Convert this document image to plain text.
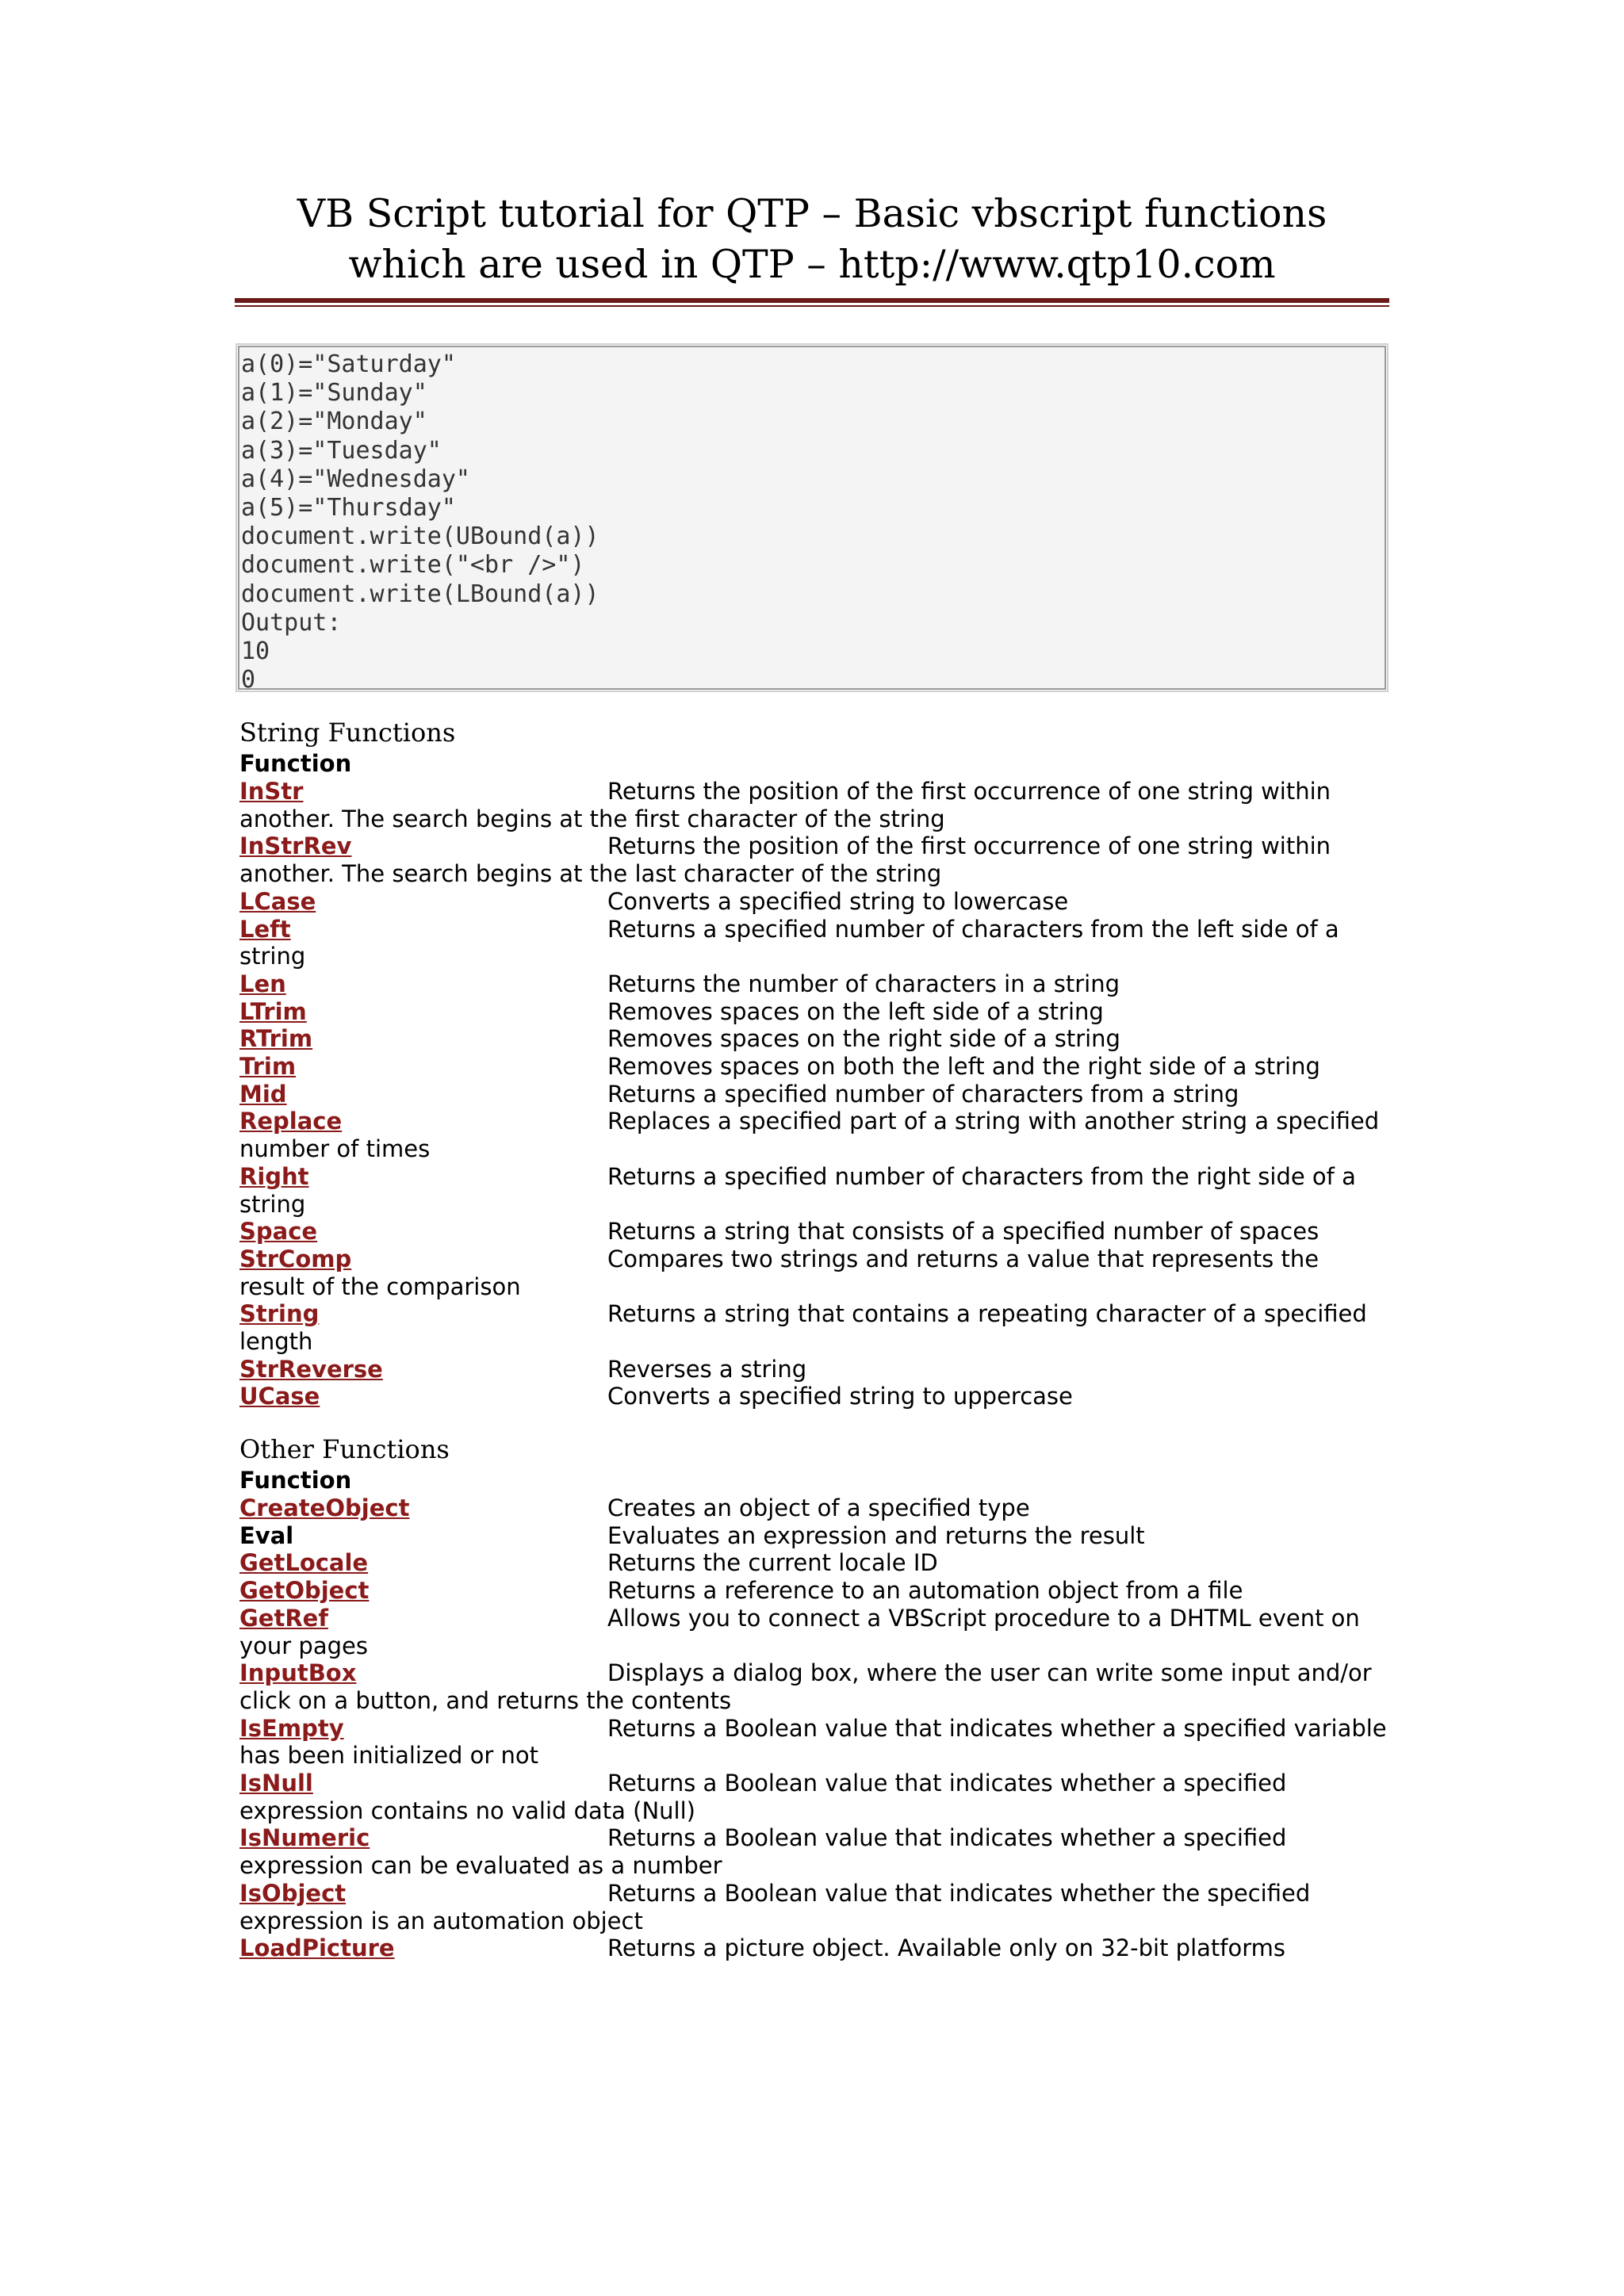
VB Script tutorial for QTP – Basic vbscript functions which are used in QTP – http://www.qtp10.com
a(0)="Saturday"
a(1)="Sunday"
a(2)="Monday"
a(3)="Tuesday"
a(4)="Wednesday"
a(5)="Thursday"
document.write(UBound(a))
document.write("<br />")
document.write(LBound(a))
Output:
10
0
String Functions
Function
InStr	Returns the position of the first occurrence of one string within another. The search begins at the first character of the string
InStrRev	Returns the position of the first occurrence of one string within another. The search begins at the last character of the string
LCase	Converts a specified string to lowercase
Left	Returns a specified number of characters from the left side of a string
Len	Returns the number of characters in a string
LTrim	Removes spaces on the left side of a string
RTrim	Removes spaces on the right side of a string
Trim	Removes spaces on both the left and the right side of a string
Mid	Returns a specified number of characters from a string
Replace	Replaces a specified part of a string with another string a specified number of times
Right	Returns a specified number of characters from the right side of a string
Space	Returns a string that consists of a specified number of spaces
StrComp	Compares two strings and returns a value that represents the result of the comparison
String	Returns a string that contains a repeating character of a specified length
StrReverse	Reverses a string
UCase	Converts a specified string to uppercase
Other Functions
Function
CreateObject	Creates an object of a specified type
Eval	Evaluates an expression and returns the result
GetLocale	Returns the current locale ID
GetObject	Returns a reference to an automation object from a file
GetRef	Allows you to connect a VBScript procedure to a DHTML event on your pages
InputBox	Displays a dialog box, where the user can write some input and/or click on a button, and returns the contents
IsEmpty	Returns a Boolean value that indicates whether a specified variable has been initialized or not
IsNull	Returns a Boolean value that indicates whether a specified expression contains no valid data (Null)
IsNumeric	Returns a Boolean value that indicates whether a specified expression can be evaluated as a number
IsObject	Returns a Boolean value that indicates whether the specified expression is an automation object
LoadPicture	Returns a picture object. Available only on 32-bit platforms
